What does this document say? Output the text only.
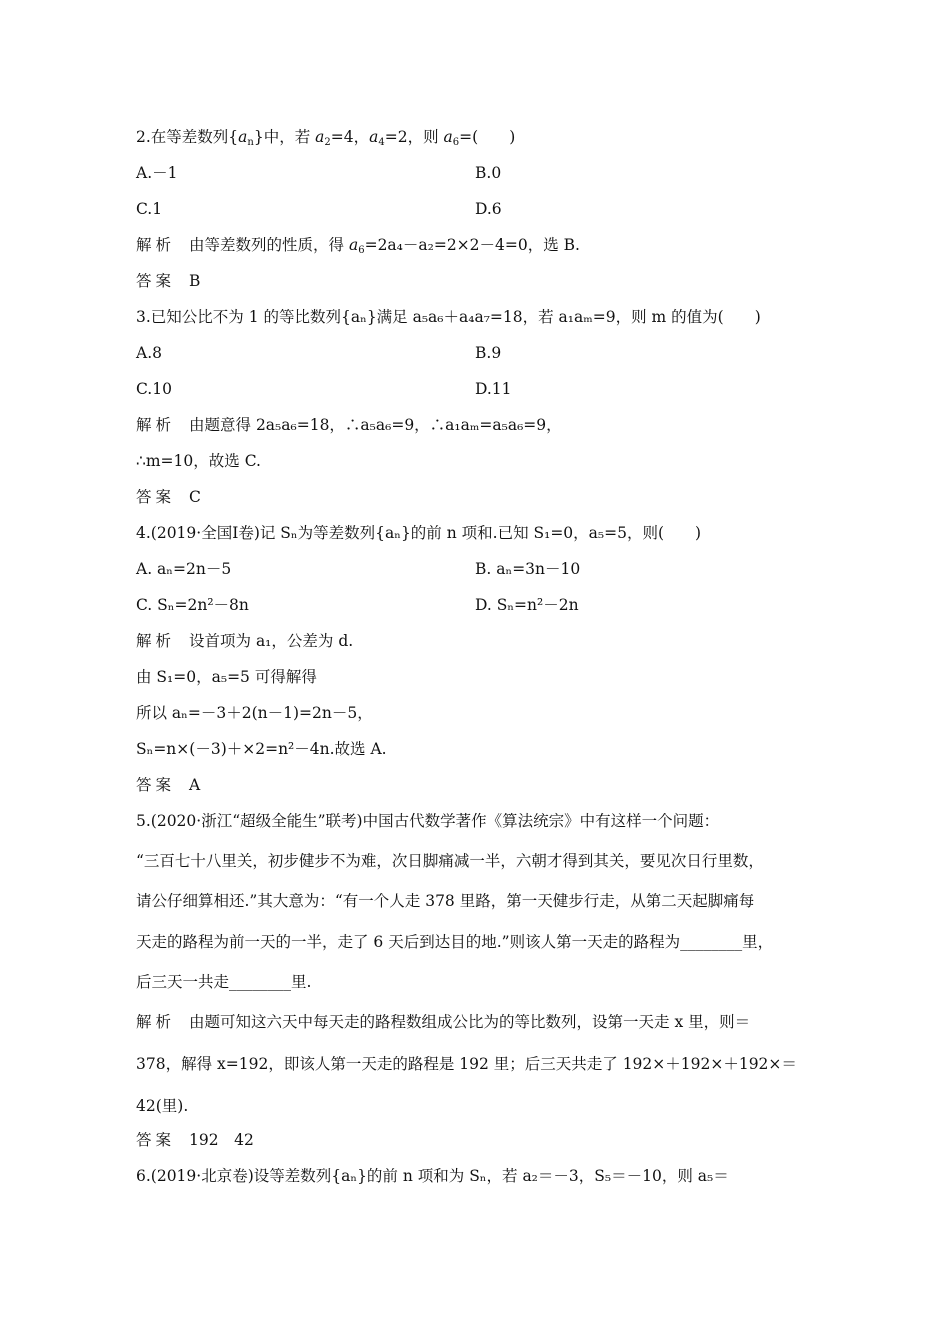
2.在等差数列$\{a_n\}$中，若 $a_2=4$，$a_4=2$，则 $a_6=$(　　)
A.－1	B.0
C.1	D.6
解析 由等差数列的性质，得 $a_6=2a_4-a_2=2\times 2-4=0$，选 B.
答案 B
3.已知公比不为 1 的等比数列{aₙ}满足 a₅a₆＋a₄a₇=18，若 a₁aₘ=9，则 m 的值为(　　)
A.8	B.9
C.10	D.11
解析 由题意得 2a₅a₆=18，∴a₅a₆=9，∴a₁aₘ=a₅a₆=9，
∴m=10，故选 C.
答案 C
4.(2019·全国Ⅰ卷)记 Sₙ为等差数列{aₙ}的前 n 项和.已知 S₁=0，a₅=5，则(　　)
A. aₙ=2n－5	B. aₙ=3n－10
C. Sₙ=2n²－8n	D. Sₙ=n²－2n
解析 设首项为 a₁，公差为 d.
由 S₁=0，a₅=5 可得解得
所以 aₙ=－3＋2(n－1)=2n－5，
Sₙ=n×(－3)＋×2=n²－4n.故选 A.
答案 A
5.(2020·浙江“超级全能生”联考)中国古代数学著作《算法统宗》中有这样一个问题：
“三百七十八里关，初步健步不为难，次日脚痛减一半，六朝才得到其关，要见次日行里数，
请公仔细算相还.”其大意为：“有一个人走 378 里路，第一天健步行走，从第二天起脚痛每
天走的路程为前一天的一半，走了 6 天后到达目的地.”则该人第一天走的路程为________里，
后三天一共走________里.
解析 由题可知这六天中每天走的路程数组成公比为的等比数列，设第一天走 x 里，则＝
378，解得 x=192，即该人第一天走的路程是 192 里；后三天共走了 192×＋192×＋192×＝
42(里).
答案 192　42
6.(2019·北京卷)设等差数列{aₙ}的前 n 项和为 Sₙ，若 a₂＝－3，S₅＝－10，则 a₅＝
